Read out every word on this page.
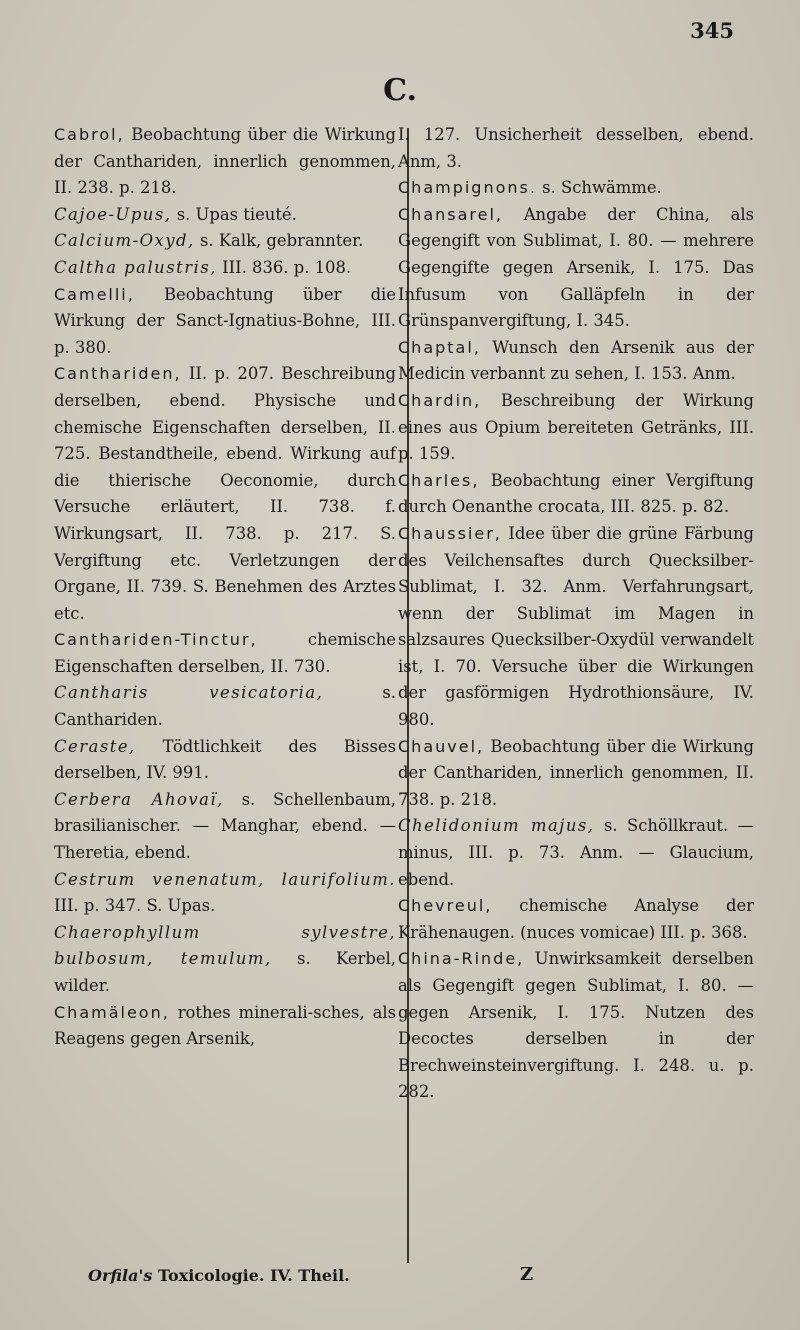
345
C.
Cabrol, Beobachtung über die Wirkung der Canthariden, innerlich genommen, II. 238. p. 218.
Cajoe-Upus, s. Upas tieuté.
Calcium-Oxyd, s. Kalk, gebrannter.
Caltha palustris, III. 836. p. 108.
Camelli, Beobachtung über die Wirkung der Sanct-Ignatius-Bohne, III. p. 380.
Canthariden, II. p. 207. Beschreibung derselben, ebend. Physische und chemische Eigenschaften derselben, II. 725. Bestandtheile, ebend. Wirkung auf die thierische Oeconomie, durch Versuche erläutert, II. 738. f. Wirkungsart, II. 738. p. 217. S. Vergiftung etc. Verletzungen der Organe, II. 739. S. Benehmen des Arztes etc.
Canthariden-Tinctur,	chemische Eigenschaften derselben, II. 730.
Cantharis vesicatoria,	s. Canthariden.
Ceraste, Tödtlichkeit des Bisses derselben, IV. 991.
Cerbera Ahovaï, s. Schellenbaum, brasilianischer. — Manghar, ebend. — Theretia, ebend.
Cestrum venenatum, laurifolium. III. p. 347. S. Upas.
Chaerophyllum sylvestre, bulbosum, temulum, s. Kerbel, wilder.
Chamäleon, rothes minerali-sches, als Reagens gegen Arsenik,
I. 127. Unsicherheit desselben, ebend. Anm, 3.
Champignons. s. Schwämme.
Chansarel, Angabe der China, als Gegengift von Sublimat, I. 80. — mehrere Gegengifte gegen Arsenik, I. 175. Das Infusum von Galläpfeln in der Grünspanvergiftung, I. 345.
Chaptal, Wunsch den Arsenik aus der Medicin verbannt zu sehen, I. 153. Anm.
Chardin, Beschreibung der Wirkung eines aus Opium bereiteten Getränks, III. p. 159.
Charles, Beobachtung einer Vergiftung durch Oenanthe crocata, III. 825. p. 82.
Chaussier, Idee über die grüne Färbung des Veilchensaftes durch Quecksilber-Sublimat, I. 32. Anm. Verfahrungsart, wenn der Sublimat im Magen in salzsaures Quecksilber-Oxydül verwandelt ist, I. 70. Versuche über die Wirkungen der gasförmigen Hydrothionsäure, IV. 980.
Chauvel, Beobachtung über die Wirkung der Canthariden, innerlich genommen, II. 738. p. 218.
Chelidonium majus, s. Schöllkraut. — minus, III. p. 73. Anm. — Glaucium, ebend.
Chevreul, chemische Analyse der Krähenaugen. (nuces vomicae) III. p. 368.
China-Rinde, Unwirksamkeit derselben als Gegengift gegen Sublimat, I. 80. — gegen Arsenik, I. 175. Nutzen des Decoctes derselben in der Brechweinsteinvergiftung. I. 248. u. p. 282.
Orfila's Toxicologie. IV. Theil.	Z
